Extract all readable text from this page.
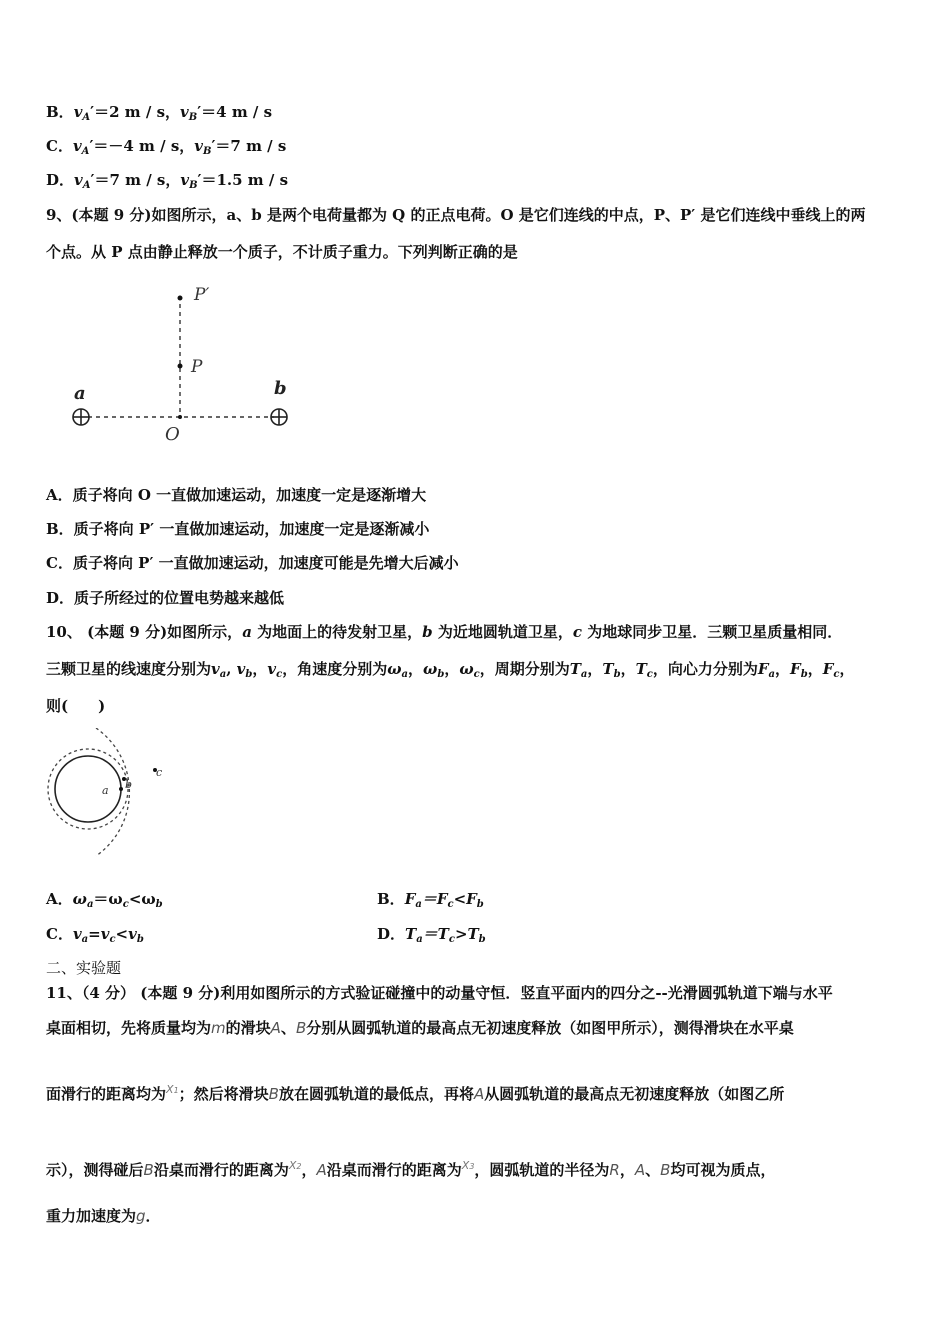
B．$v_A'=2$ m / s，$v_B'=4$ m / s
C．$v_A'=-4$ m / s，$v_B'=7$ m / s
D．$v_A'=7$ m / s，$v_B'=1.5$ m / s
9、(本题 9 分)如图所示，a、b 是两个电荷量都为 Q 的正点电荷。O 是它们连线的中点，P、P′ 是它们连线中垂线上的两
个点。从 P 点由静止释放一个质子，不计质子重力。下列判断正确的是
P′
P
a	b
O
A．质子将向 O 一直做加速运动，加速度一定是逐渐增大
B．质子将向 P′ 一直做加速运动，加速度一定是逐渐减小
C．质子将向 P′ 一直做加速运动，加速度可能是先增大后减小
D．质子所经过的位置电势越来越低
10、 (本题 9 分)如图所示，a 为地面上的待发射卫星，b 为近地圆轨道卫星，c 为地球同步卫星．三颗卫星质量相同．
三颗卫星的线速度分别为$v_a$, $v_b$，$v_c$，角速度分别为$\omega_a$，$\omega_b$，$\omega_c$，周期分别为$T_a$，$T_b$，$T_c$，向心力分别为$F_a$，$F_b$，$F_c$，
则(　　)
a b
c
A．$\omega_a=\omega_c<\omega_b$	B．$F_a=F_c<F_b$
C．$v_a=v_c<v_b$	D．$T_a=T_c>T_b$
二、实验题
11、（4 分） (本题 9 分)利用如图所示的方式验证碰撞中的动量守恒．竖直平面内的四分之--光滑圆弧轨道下端与水平
桌面相切，先将质量均为m的滑块A、B分别从圆弧轨道的最高点无初速度释放（如图甲所示），测得滑块在水平桌
面滑行的距离均为$^{X1}$；然后将滑块B放在圆弧轨道的最低点，再将A从圆弧轨道的最高点无初速度释放（如图乙所
示），测得碰后B沿桌而滑行的距离为$^{X2}$，A沿桌而滑行的距离为$^{X3}$，圆弧轨道的半径为R，A、B均可视为质点，
重力加速度为g．
